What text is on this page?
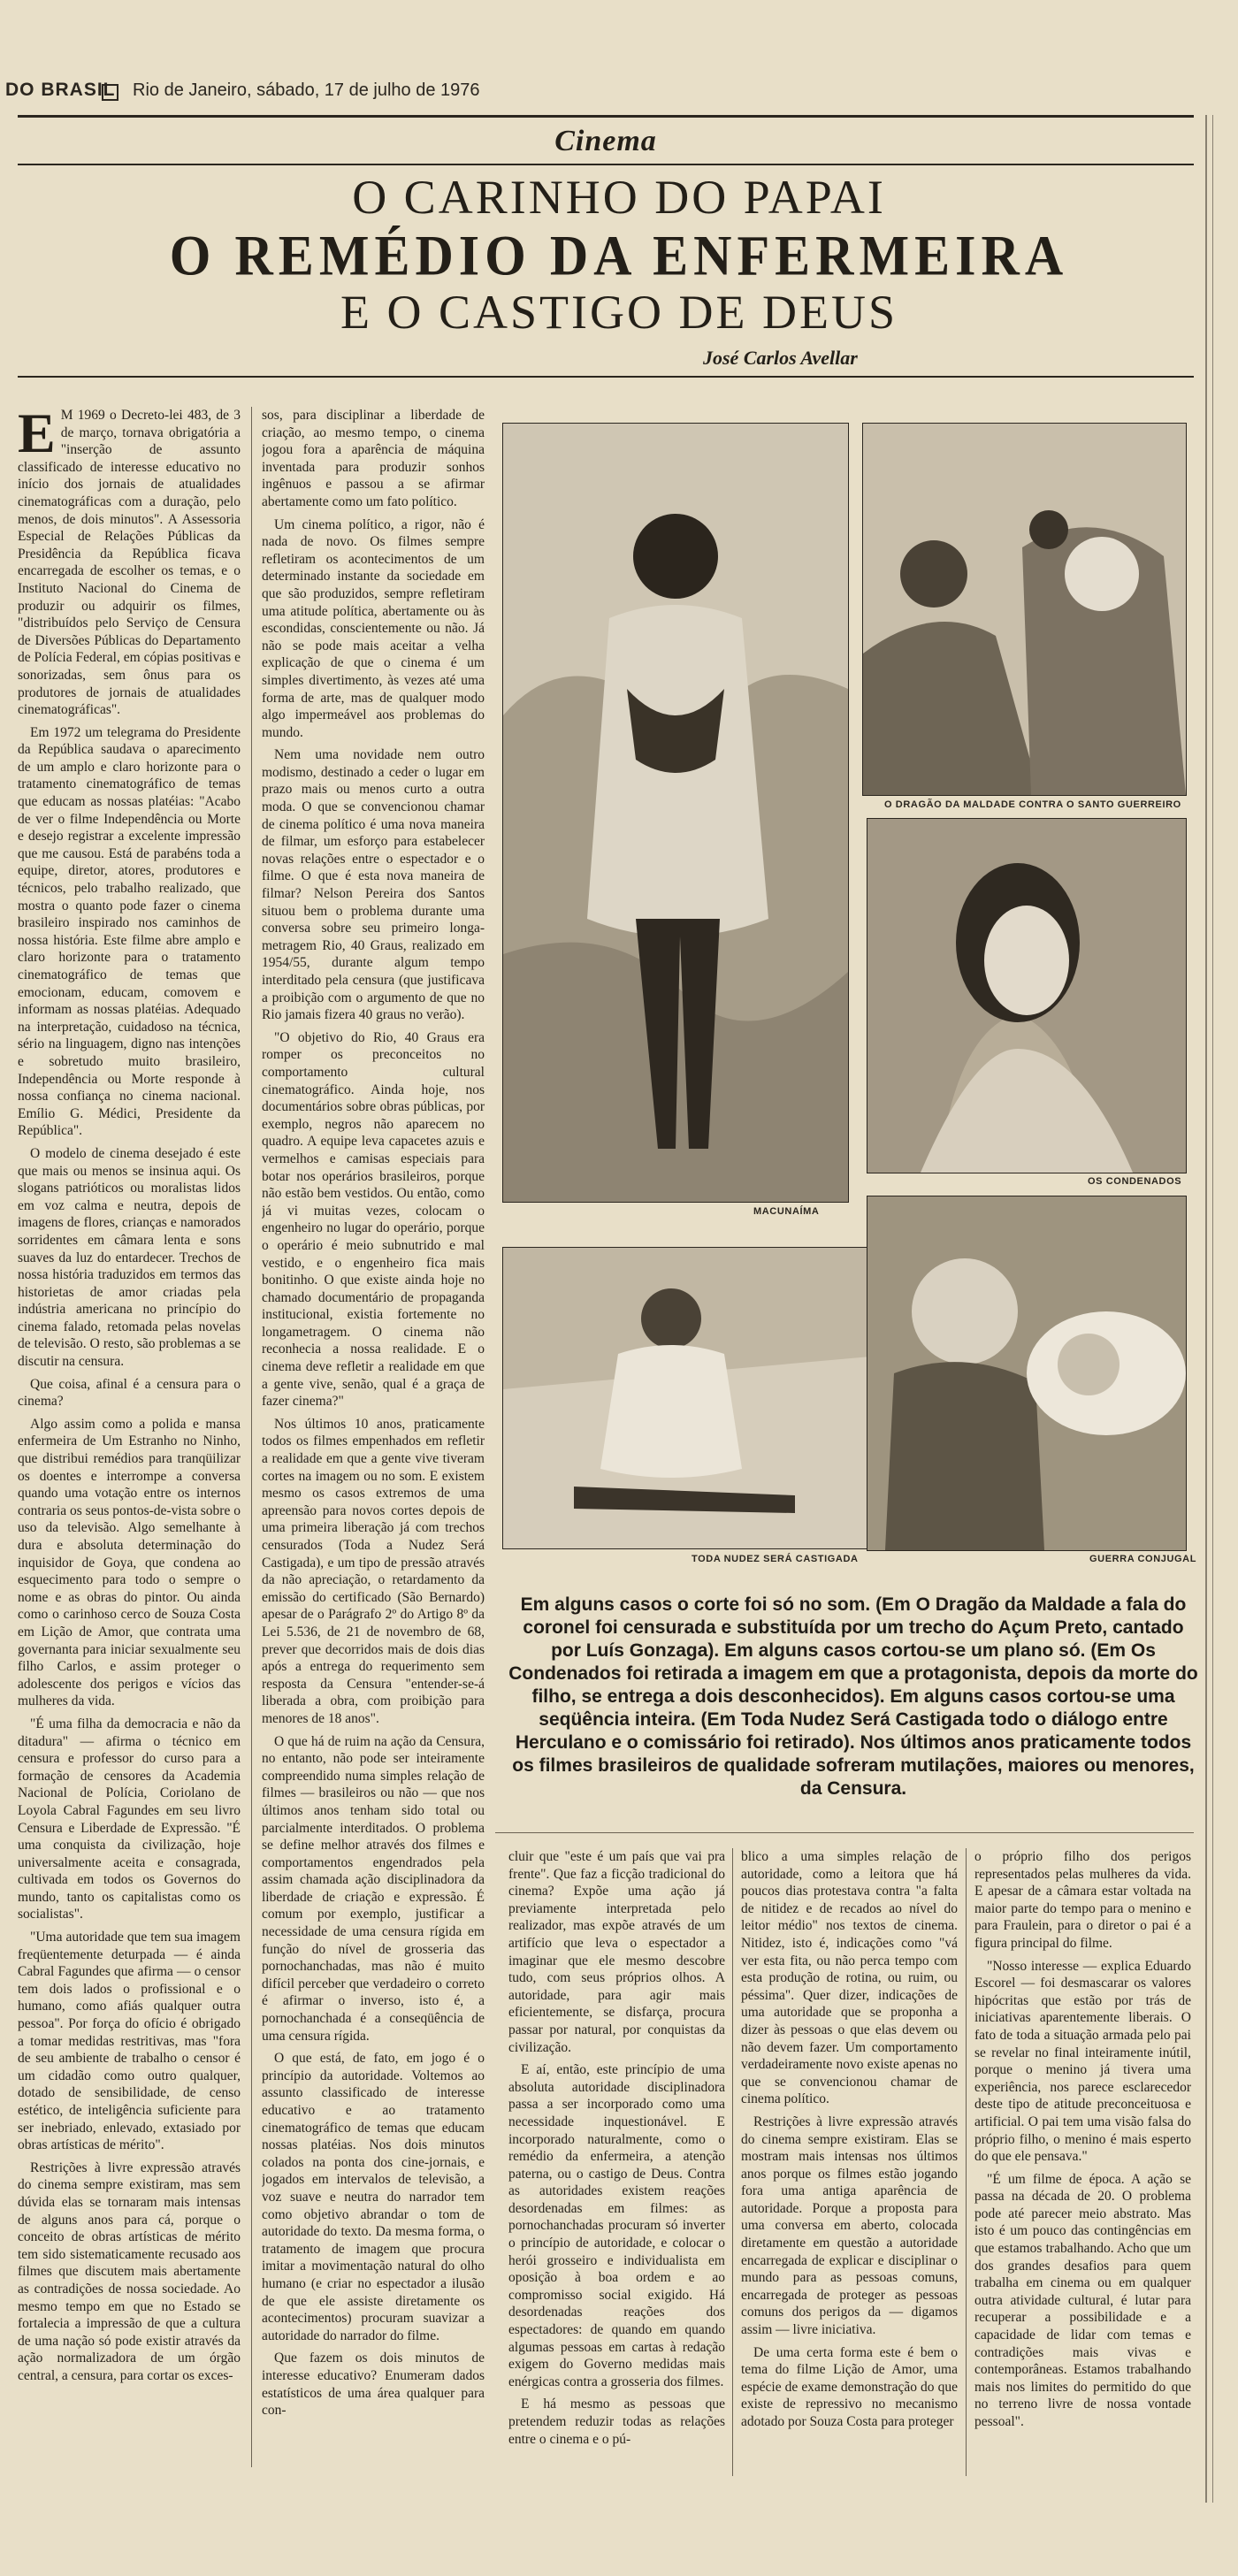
DO BRASIL Rio de Janeiro, sábado, 17 de julho de 1976
Cinema
O CARINHO DO PAPAI
O REMÉDIO DA ENFERMEIRA
E O CASTIGO DE DEUS
José Carlos Avellar
E M 1969 o Decreto-lei 483, de 3 de março, tornava obrigatória a "inserção de assunto classificado de interesse educativo no início dos jornais de atualidades cinematográficas com a duração, pelo menos, de dois minutos". A Assessoria Especial de Relações Públicas da Presidência da República ficava encarregada de escolher os temas, e o Instituto Nacional do Cinema de produzir ou adquirir os filmes, "distribuídos pelo Serviço de Censura de Diversões Públicas do Departamento de Polícia Federal, em cópias positivas e sonorizadas, sem ônus para os produtores de jornais de atualidades cinematográficas".

Em 1972 um telegrama do Presidente da República saudava o aparecimento de um amplo e claro horizonte para o tratamento cinematográfico de temas que educam as nossas platéias: "Acabo de ver o filme Independência ou Morte e desejo registrar a excelente impressão que me causou. Está de parabéns toda a equipe, diretor, atores, produtores e técnicos, pelo trabalho realizado, que mostra o quanto pode fazer o cinema brasileiro inspirado nos caminhos de nossa história. Este filme abre amplo e claro horizonte para o tratamento cinematográfico de temas que emocionam, educam, comovem e informam as nossas platéias. Adequado na interpretação, cuidadoso na técnica, sério na linguagem, digno nas intenções e sobretudo muito brasileiro, Independência ou Morte responde à nossa confiança no cinema nacional. Emílio G. Médici, Presidente da República".

O modelo de cinema desejado é este que mais ou menos se insinua aqui. Os slogans patrióticos ou moralistas lidos em voz calma e neutra, depois de imagens de flores, crianças e namorados sorridentes em câmara lenta e sons suaves da luz do entardecer. Trechos de nossa história traduzidos em termos das historietas de amor criadas pela indústria americana no princípio do cinema falado, retomada pelas novelas de televisão. O resto, são problemas a se discutir na censura.

Que coisa, afinal é a censura para o cinema?

Algo assim como a polida e mansa enfermeira de Um Estranho no Ninho, que distribui remédios para tranqüilizar os doentes e interrompe a conversa quando uma votação entre os internos contraria os seus pontos-de-vista sobre o uso da televisão. Algo semelhante à dura e absoluta determinação do inquisidor de Goya, que condena ao esquecimento para todo o sempre o nome e as obras do pintor. Ou ainda como o carinhoso cerco de Souza Costa em Lição de Amor, que contrata uma governanta para iniciar sexualmente seu filho Carlos, e assim proteger o adolescente dos perigos e vícios das mulheres da vida.

"É uma filha da democracia e não da ditadura" — afirma o técnico em censura e professor do curso para a formação de censores da Academia Nacional de Polícia, Coriolano de Loyola Cabral Fagundes em seu livro Censura e Liberdade de Expressão. "É uma conquista da civilização, hoje universalmente aceita e consagrada, cultivada em todos os Governos do mundo, tanto os capitalistas como os socialistas".

"Uma autoridade que tem sua imagem freqüentemente deturpada — é ainda Cabral Fagundes que afirma — o censor tem dois lados o profissional e o humano, como afiás qualquer outra pessoa". Por força do ofício é obrigado a tomar medidas restritivas, mas "fora de seu ambiente de trabalho o censor é um cidadão como outro qualquer, dotado de sensibilidade, de censo estético, de inteligência suficiente para ser inebriado, enlevado, extasiado por obras artísticas de mérito".

Restrições à livre expressão através do cinema sempre existiram, mas sem dúvida elas se tornaram mais intensas de alguns anos para cá, porque o conceito de obras artísticas de mérito tem sido sistematicamente recusado aos filmes que discutem mais abertamente as contradições de nossa sociedade. Ao mesmo tempo em que no Estado se fortalecia a impressão de que a cultura de uma nação só pode existir através da ação normalizadora de um órgão central, a censura, para cortar os exces-

sos, para disciplinar a liberdade de criação, ao mesmo tempo, o cinema jogou fora a aparência de máquina inventada para produzir sonhos ingênuos e passou a se afirmar abertamente como um fato político.

Um cinema político, a rigor, não é nada de novo. Os filmes sempre refletiram os acontecimentos de um determinado instante da sociedade em que são produzidos, sempre refletiram uma atitude política, abertamente ou às escondidas, conscientemente ou não. Já não se pode mais aceitar a velha explicação de que o cinema é um simples divertimento, às vezes até uma forma de arte, mas de qualquer modo algo impermeável aos problemas do mundo.

Nem uma novidade nem outro modismo, destinado a ceder o lugar em prazo mais ou menos curto a outra moda. O que se convencionou chamar de cinema político é uma nova maneira de filmar, um esforço para estabelecer novas relações entre o espectador e o filme. O que é esta nova maneira de filmar? Nelson Pereira dos Santos situou bem o problema durante uma conversa sobre seu primeiro longa-metragem Rio, 40 Graus, realizado em 1954/55, durante algum tempo interditado pela censura (que justificava a proibição com o argumento de que no Rio jamais fizera 40 graus no verão).

"O objetivo do Rio, 40 Graus era romper os preconceitos no comportamento cultural cinematográfico. Ainda hoje, nos documentários sobre obras públicas, por exemplo, negros não aparecem no quadro. A equipe leva capacetes azuis e vermelhos e camisas especiais para botar nos operários brasileiros, porque não estão bem vestidos. Ou então, como já vi muitas vezes, colocam o engenheiro no lugar do operário, porque o operário é meio subnutrido e mal vestido, e o engenheiro fica mais bonitinho. O que existe ainda hoje no chamado documentário de propaganda institucional, existia fortemente no longametragem. O cinema não reconhecia a nossa realidade. E o cinema deve refletir a realidade em que a gente vive, senão, qual é a graça de fazer cinema?"

Nos últimos 10 anos, praticamente todos os filmes empenhados em refletir a realidade em que a gente vive tiveram cortes na imagem ou no som. E existem mesmo os casos extremos de uma apreensão para novos cortes depois de uma primeira liberação já com trechos censurados (Toda a Nudez Será Castigada), e um tipo de pressão através da não apreciação, o retardamento da emissão do certificado (São Bernardo) apesar de o Parágrafo 2º do Artigo 8º da Lei 5.536, de 21 de novembro de 68, prever que decorridos mais de dois dias após a entrega do requerimento sem resposta da Censura "entender-se-á liberada a obra, com proibição para menores de 18 anos".

O que há de ruim na ação da Censura, no entanto, não pode ser inteiramente compreendido numa simples relação de filmes — brasileiros ou não — que nos últimos anos tenham sido total ou parcialmente interditados. O problema se define melhor através dos filmes e comportamentos engendrados pela assim chamada ação disciplinadora da liberdade de criação e expressão. É comum por exemplo, justificar a necessidade de uma censura rígida em função do nível de grosseria das pornochanchadas, mas não é muito difícil perceber que verdadeiro o correto é afirmar o inverso, isto é, a pornochanchada é a conseqüência de uma censura rígida.

O que está, de fato, em jogo é o princípio da autoridade. Voltemos ao assunto classificado de interesse educativo e ao tratamento cinematográfico de temas que educam nossas platéias. Nos dois minutos colados na ponta dos cine-jornais, e jogados em intervalos de televisão, a voz suave e neutra do narrador tem como objetivo abrandar o tom de autoridade do texto. Da mesma forma, o tratamento de imagem que procura imitar a movimentação natural do olho humano (e criar no espectador a ilusão de que ele assiste diretamente os acontecimentos) procuram suavizar a autoridade do narrador do filme.

Que fazem os dois minutos de interesse educativo? Enumeram dados estatísticos de uma área qualquer para con-

MACUNAÍMA
O DRAGÃO DA MALDADE CONTRA O SANTO GUERREIRO
OS CONDENADOS
TODA NUDEZ SERÁ CASTIGADA	GUERRA CONJUGAL
Em alguns casos o corte foi só no som. (Em O Dragão da Maldade a fala do coronel foi censurada e substituída por um trecho do Açum Preto, cantado por Luís Gonzaga). Em alguns casos cortou-se um plano só. (Em Os Condenados foi retirada a imagem em que a protagonista, depois da morte do filho, se entrega a dois desconhecidos). Em alguns casos cortou-se uma seqüência inteira. (Em Toda Nudez Será Castigada todo o diálogo entre Herculano e o comissário foi retirado). Nos últimos anos praticamente todos os filmes brasileiros de qualidade sofreram mutilações, maiores ou menores, da Censura.

cluir que "este é um país que vai pra frente". Que faz a ficção tradicional do cinema? Expõe uma ação já previamente interpretada pelo realizador, mas expõe através de um artifício que leva o espectador a imaginar que ele mesmo descobre tudo, com seus próprios olhos. A autoridade, para agir mais eficientemente, se disfarça, procura passar por natural, por conquistas da civilização.

E aí, então, este princípio de uma absoluta autoridade disciplinadora passa a ser incorporado como uma necessidade inquestionável. E incorporado naturalmente, como o remédio da enfermeira, a atenção paterna, ou o castigo de Deus. Contra as autoridades existem reações desordenadas em filmes: as pornochanchadas procuram só inverter o princípio de autoridade, e colocar o herói grosseiro e individualista em oposição à boa ordem e ao compromisso social exigido. Há desordenadas reações dos espectadores: de quando em quando algumas pessoas em cartas à redação exigem do Governo medidas mais enérgicas contra a grosseria dos filmes.

E há mesmo as pessoas que pretendem reduzir todas as relações entre o cinema e o pú-

blico a uma simples relação de autoridade, como a leitora que há poucos dias protestava contra "a falta de nitidez e de recados ao nível do leitor médio" nos textos de cinema. Nitidez, isto é, indicações como "vá ver esta fita, ou não perca tempo com esta produção de rotina, ou ruim, ou péssima". Quer dizer, indicações de uma autoridade que se proponha a dizer às pessoas o que elas devem ou não devem fazer. Um comportamento verdadeiramente novo existe apenas no que se convencionou chamar de cinema político.

Restrições à livre expressão através do cinema sempre existiram. Elas se mostram mais intensas nos últimos anos porque os filmes estão jogando fora uma antiga aparência de autoridade. Porque a proposta para uma conversa em aberto, colocada diretamente em questão a autoridade encarregada de explicar e disciplinar o mundo para as pessoas comuns, encarregada de proteger as pessoas comuns dos perigos da — digamos assim — livre iniciativa.

De uma certa forma este é bem o tema do filme Lição de Amor, uma espécie de exame demonstração do que existe de repressivo no mecanismo adotado por Souza Costa para proteger

o próprio filho dos perigos representados pelas mulheres da vida. E apesar de a câmara estar voltada na maior parte do tempo para o menino e para Fraulein, para o diretor o pai é a figura principal do filme.

"Nosso interesse — explica Eduardo Escorel — foi desmascarar os valores hipócritas que estão por trás de iniciativas aparentemente liberais. O fato de toda a situação armada pelo pai se revelar no final inteiramente inútil, porque o menino já tivera uma experiência, nos parece esclarecedor deste tipo de atitude preconceituosa e artificial. O pai tem uma visão falsa do próprio filho, o menino é mais esperto do que ele pensava."

"É um filme de época. A ação se passa na década de 20. O problema pode até parecer meio abstrato. Mas isto é um pouco das contingências em que estamos trabalhando. Acho que um dos grandes desafios para quem trabalha em cinema ou em qualquer outra atividade cultural, é lutar para recuperar a possibilidade e a capacidade de lidar com temas e contradições mais vivas e contemporâneas. Estamos trabalhando mais nos limites do permitido do que no terreno livre de nossa vontade pessoal".
